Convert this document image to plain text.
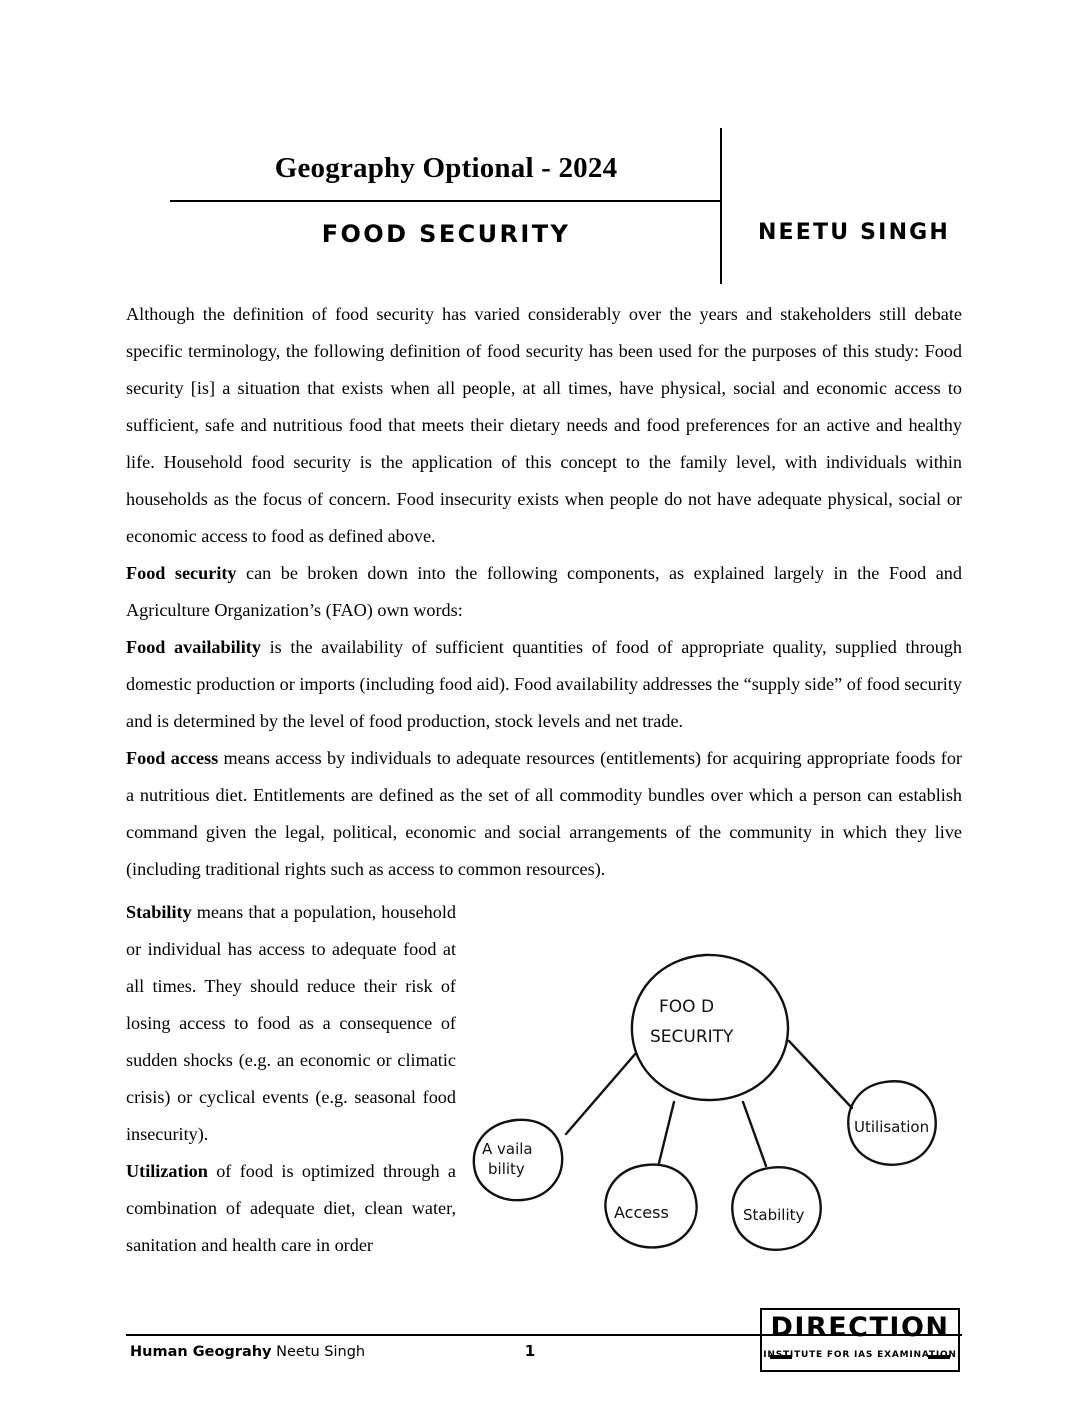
Geography Optional - 2024
FOOD SECURITY	NEETU SINGH

Although the definition of food security has varied considerably over the years and stakeholders still debate specific terminology, the following definition of food security has been used for the purposes of this study: Food security [is] a situation that exists when all people, at all times, have physical, social and economic access to sufficient, safe and nutritious food that meets their dietary needs and food preferences for an active and healthy life. Household food security is the application of this concept to the family level, with individuals within households as the focus of concern. Food insecurity exists when people do not have adequate physical, social or economic access to food as defined above.

Food security can be broken down into the following components, as explained largely in the Food and Agriculture Organization’s (FAO) own words:

Food availability is the availability of sufficient quantities of food of appropriate quality, supplied through domestic production or imports (including food aid). Food availability addresses the “supply side” of food security and is determined by the level of food production, stock levels and net trade.

Food access means access by individuals to adequate resources (entitlements) for acquiring appropriate foods for a nutritious diet. Entitlements are defined as the set of all commodity bundles over which a person can establish command given the legal, political, economic and social arrangements of the community in which they live (including traditional rights such as access to common resources).

Stability means that a population, household or individual has access to adequate food at all times. They should reduce their risk of losing access to food as a consequence of sudden shocks (e.g. an economic or climatic crisis) or cyclical events (e.g. seasonal food insecurity).

Utilization of food is optimized through a combination of adequate diet, clean water, sanitation and health care in order

FOO D
SECURITY
A vaila
bility
Access	Stability
Utilisation
Human Geograhy Neetu Singh	1
DIRECTION
INSTITUTE FOR IAS EXAMINATION
